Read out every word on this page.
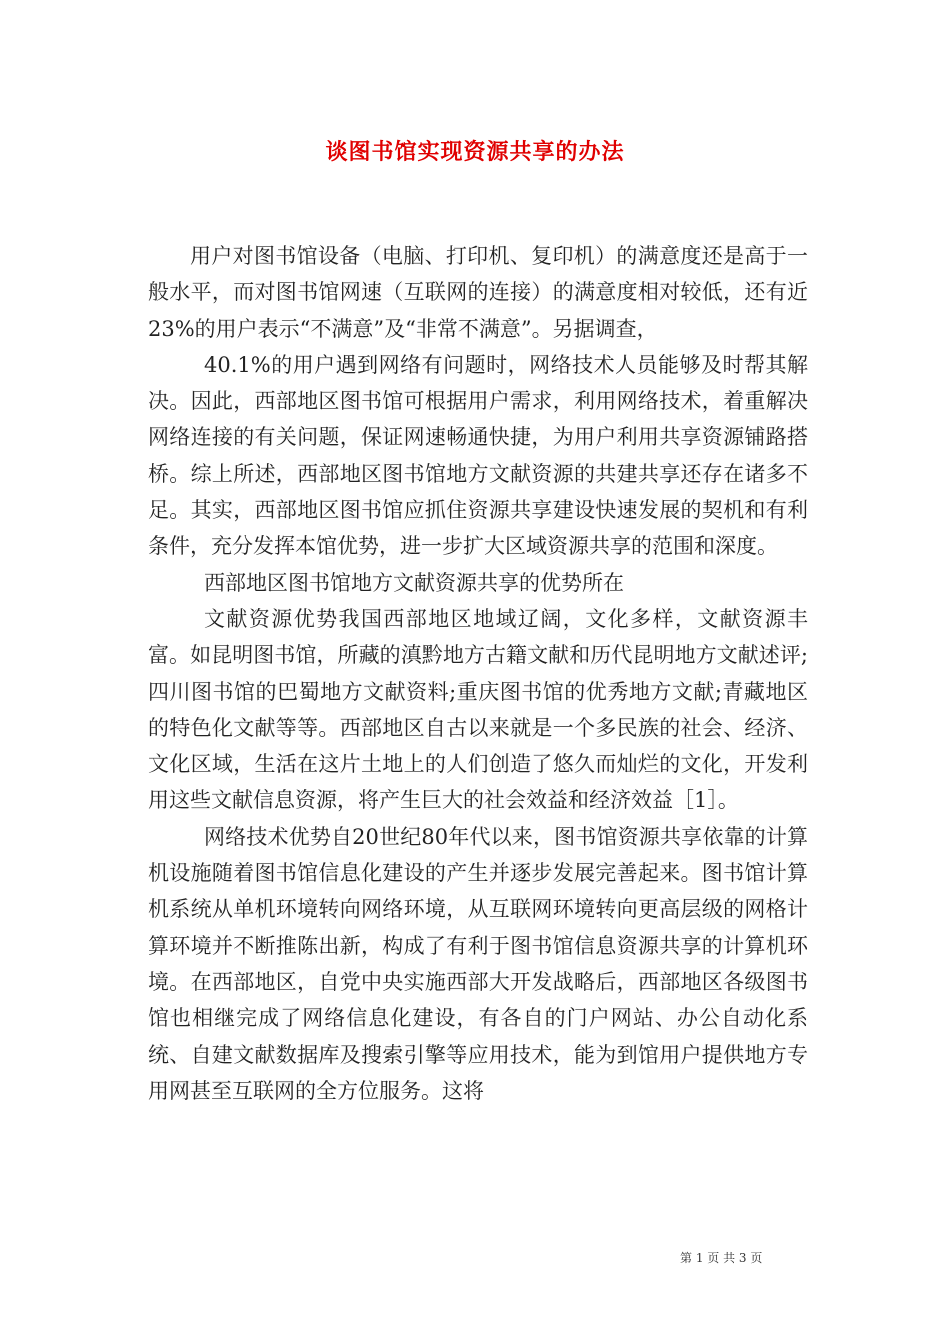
谈图书馆实现资源共享的办法

用户对图书馆设备（电脑、打印机、复印机）的满意度还是高于一般水平，而对图书馆网速（互联网的连接）的满意度相对较低，还有近23%的用户表示“不满意”及“非常不满意”。另据调查，

40.1%的用户遇到网络有问题时，网络技术人员能够及时帮其解决。因此，西部地区图书馆可根据用户需求，利用网络技术，着重解决网络连接的有关问题，保证网速畅通快捷，为用户利用共享资源铺路搭桥。综上所述，西部地区图书馆地方文献资源的共建共享还存在诸多不足。其实，西部地区图书馆应抓住资源共享建设快速发展的契机和有利条件，充分发挥本馆优势，进一步扩大区域资源共享的范围和深度。

西部地区图书馆地方文献资源共享的优势所在

文献资源优势我国西部地区地域辽阔，文化多样，文献资源丰富。如昆明图书馆，所藏的滇黔地方古籍文献和历代昆明地方文献述评;四川图书馆的巴蜀地方文献资料;重庆图书馆的优秀地方文献;青藏地区的特色化文献等等。西部地区自古以来就是一个多民族的社会、经济、文化区域，生活在这片土地上的人们创造了悠久而灿烂的文化，开发利用这些文献信息资源，将产生巨大的社会效益和经济效益［1］。

网络技术优势自20世纪80年代以来，图书馆资源共享依靠的计算机设施随着图书馆信息化建设的产生并逐步发展完善起来。图书馆计算机系统从单机环境转向网络环境，从互联网环境转向更高层级的网格计算环境并不断推陈出新，构成了有利于图书馆信息资源共享的计算机环境。在西部地区，自党中央实施西部大开发战略后，西部地区各级图书馆也相继完成了网络信息化建设，有各自的门户网站、办公自动化系统、自建文献数据库及搜索引擎等应用技术，能为到馆用户提供地方专用网甚至互联网的全方位服务。这将

第 1 页 共 3 页
